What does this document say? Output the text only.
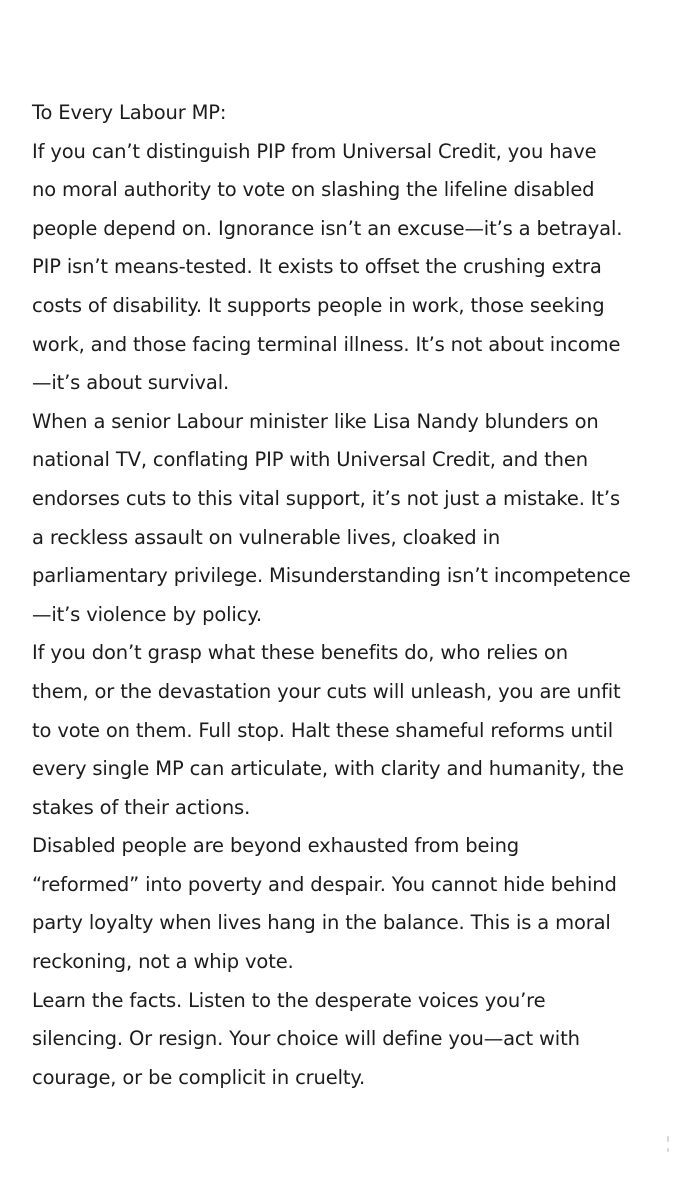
To Every Labour MP:
If you can’t distinguish PIP from Universal Credit, you have
no moral authority to vote on slashing the lifeline disabled
people depend on. Ignorance isn’t an excuse—it’s a betrayal.
PIP isn’t means-tested. It exists to offset the crushing extra
costs of disability. It supports people in work, those seeking
work, and those facing terminal illness. It’s not about income
—it’s about survival.
When a senior Labour minister like Lisa Nandy blunders on
national TV, conflating PIP with Universal Credit, and then
endorses cuts to this vital support, it’s not just a mistake. It’s
a reckless assault on vulnerable lives, cloaked in
parliamentary privilege. Misunderstanding isn’t incompetence
—it’s violence by policy.
If you don’t grasp what these benefits do, who relies on
them, or the devastation your cuts will unleash, you are unfit
to vote on them. Full stop. Halt these shameful reforms until
every single MP can articulate, with clarity and humanity, the
stakes of their actions.
Disabled people are beyond exhausted from being
“reformed” into poverty and despair. You cannot hide behind
party loyalty when lives hang in the balance. This is a moral
reckoning, not a whip vote.
Learn the facts. Listen to the desperate voices you’re
silencing. Or resign. Your choice will define you—act with
courage, or be complicit in cruelty.
